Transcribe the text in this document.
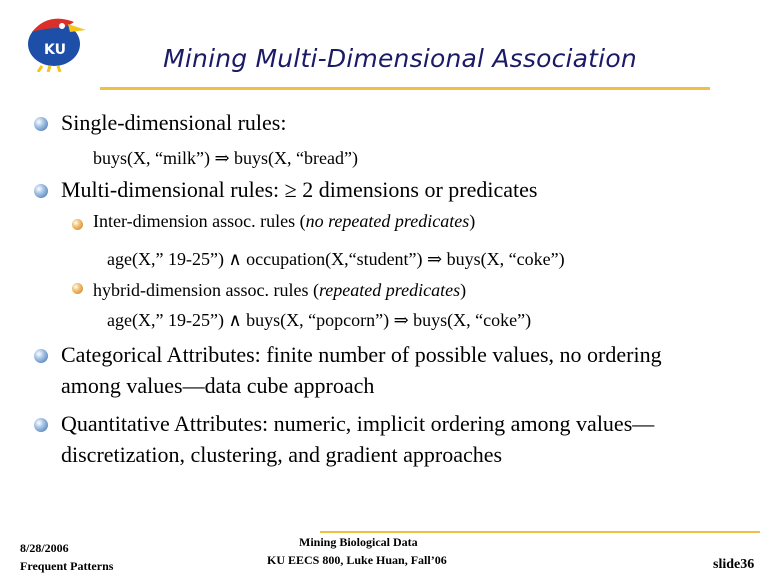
KU	Mining Multi-Dimensional Association
Single-dimensional rules:
buys(X, “milk”) ⇒ buys(X, “bread”)
Multi-dimensional rules: ≥ 2 dimensions or predicates
Inter-dimension assoc. rules (no repeated predicates)
age(X,” 19-25”) ∧ occupation(X,“student”) ⇒ buys(X, “coke”)
hybrid-dimension assoc. rules (repeated predicates)
age(X,” 19-25”) ∧ buys(X, “popcorn”) ⇒ buys(X, “coke”)
Categorical Attributes: finite number of possible values, no ordering
among values—data cube approach
Quantitative Attributes: numeric, implicit ordering among values—
discretization, clustering, and gradient approaches
8/28/2006
Frequent Patterns
Mining Biological Data
KU EECS 800, Luke Huan, Fall’06	slide36
